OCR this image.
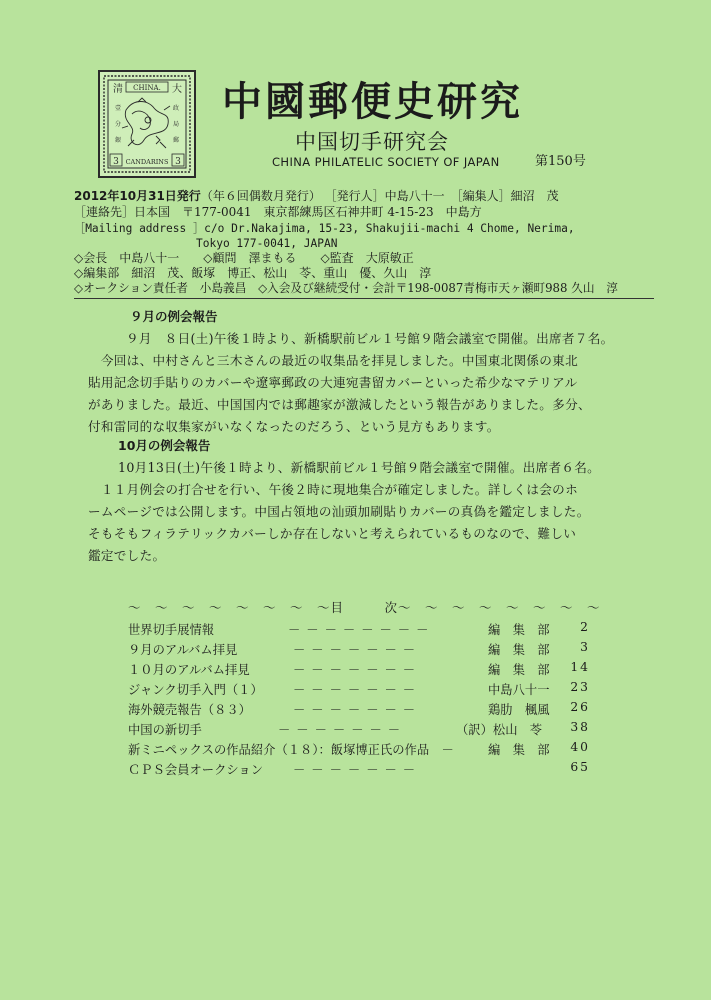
CHINA.
清	大
壹
分
銀
政
局
郵
3	3
CANDARINS
中國郵便史研究
中国切手研究会
CHINA PHILATELIC SOCIETY OF JAPAN	第150号
2012年10月31日発行（年６回偶数月発行） ［発行人］中島八十一　［編集人］細沼　茂
［連絡先］日本国　〒177-0041　東京都練馬区石神井町 4-15-23　中島方
［Mailing address ］c/o Dr.Nakajima, 15-23, Shakujii-machi 4 Chome, Nerima,
Tokyo 177-0041, JAPAN
◇会長　中島八十一　　◇顧問　澤まもる　　◇監査　大原敏正
◇編集部　細沼　茂、飯塚　博正、松山　苓、重山　優、久山　淳
◇オークション責任者　小島義昌　◇入会及び継続受付・会計〒198-0087青梅市天ヶ瀬町988 久山　淳
９月の例会報告
９月　８日(土)午後１時より、新橋駅前ビル１号館９階会議室で開催。出席者７名。
　今回は、中村さんと三木さんの最近の収集品を拝見しました。中国東北関係の東北
貼用記念切手貼りのカバーや遼寧郵政の大連宛書留カバーといった希少なマテリアル
がありました。最近、中国国内では郵趣家が激減したという報告がありました。多分、
付和雷同的な収集家がいなくなったのだろう、という見方もあります。
10月の例会報告
10月13日(土)午後１時より、新橋駅前ビル１号館９階会議室で開催。出席者６名。
　１１月例会の打合せを行い、午後２時に現地集合が確定しました。詳しくは会のホ
ームページでは公開します。中国占領地の汕頭加刷貼りカバーの真偽を鑑定しました。
そもそもフィラテリックカバーしか存在しないと考えられているものなので、難しい
鑑定でした。
〜　〜　〜　〜　〜　〜　〜　〜目　　　次〜　〜　〜　〜　〜　〜　〜　〜
世界切手展情報	－－－－－－－－	編　集　部 2
９月のアルバム拝見	－－－－－－－	編　集　部 3
１０月のアルバム拝見	－－－－－－－	編　集　部 14
ジャンク切手入門（１） －－－－－－－	中島八十一 23
海外競売報告（８３）	－－－－－－－	鶏肋　楓風 26
中国の新切手	－－－－－－－	（訳）松山　苓 38
新ミニペックスの作品紹介（１８）：飯塚博正氏の作品　－	編　集　部 40
ＣＰＳ会員オークション －－－－－－－	65
